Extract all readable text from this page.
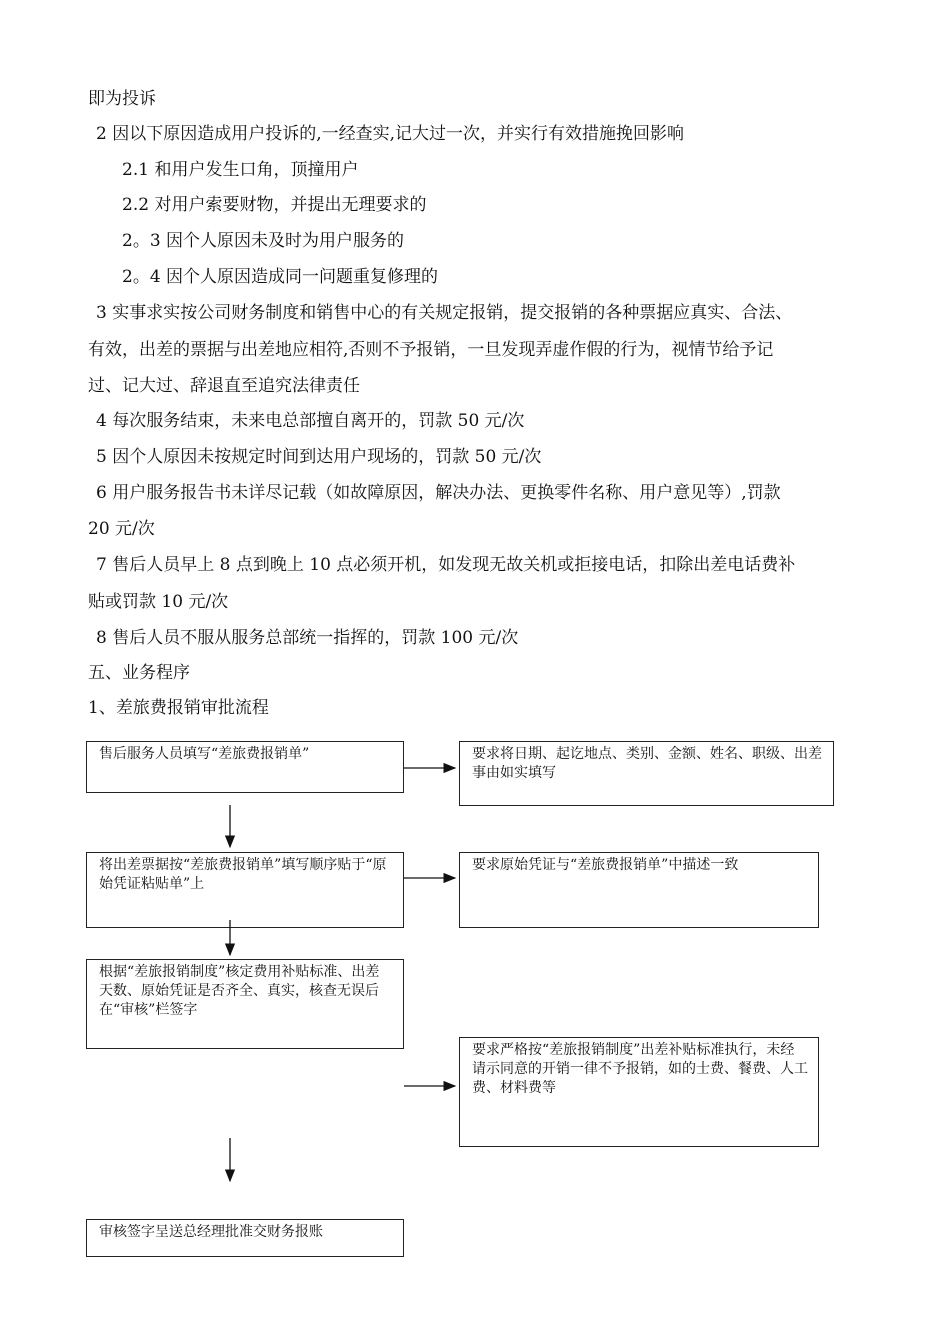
即为投诉
2 因以下原因造成用户投诉的,一经查实,记大过一次，并实行有效措施挽回影响
2.1 和用户发生口角，顶撞用户
2.2 对用户索要财物，并提出无理要求的
2。3 因个人原因未及时为用户服务的
2。4 因个人原因造成同一问题重复修理的
3 实事求实按公司财务制度和销售中心的有关规定报销，提交报销的各种票据应真实、合法、
有效，出差的票据与出差地应相符,否则不予报销，一旦发现弄虚作假的行为，视情节给予记
过、记大过、辞退直至追究法律责任
4 每次服务结束，未来电总部擅自离开的，罚款 50 元/次
5 因个人原因未按规定时间到达用户现场的，罚款 50 元/次
6 用户服务报告书未详尽记载（如故障原因，解决办法、更换零件名称、用户意见等）,罚款
20 元/次
7 售后人员早上 8 点到晚上 10 点必须开机，如发现无故关机或拒接电话，扣除出差电话费补
贴或罚款 10 元/次
8 售后人员不服从服务总部统一指挥的，罚款 100 元/次
五、业务程序
1、差旅费报销审批流程
售后服务人员填写“差旅费报销单”	要求将日期、起讫地点、类别、金额、姓名、职级、出差事由如实填写
将出差票据按“差旅费报销单”填写顺序贴于“原始凭证粘贴单”上
要求原始凭证与“差旅费报销单”中描述一致
根据“差旅报销制度”核定费用补贴标准、出差天数、原始凭证是否齐全、真实，核查无误后在“审核”栏签字
要求严格按“差旅报销制度”出差补贴标准执行，未经请示同意的开销一律不予报销，如的士费、餐费、人工费、材料费等
审核签字呈送总经理批准交财务报账
